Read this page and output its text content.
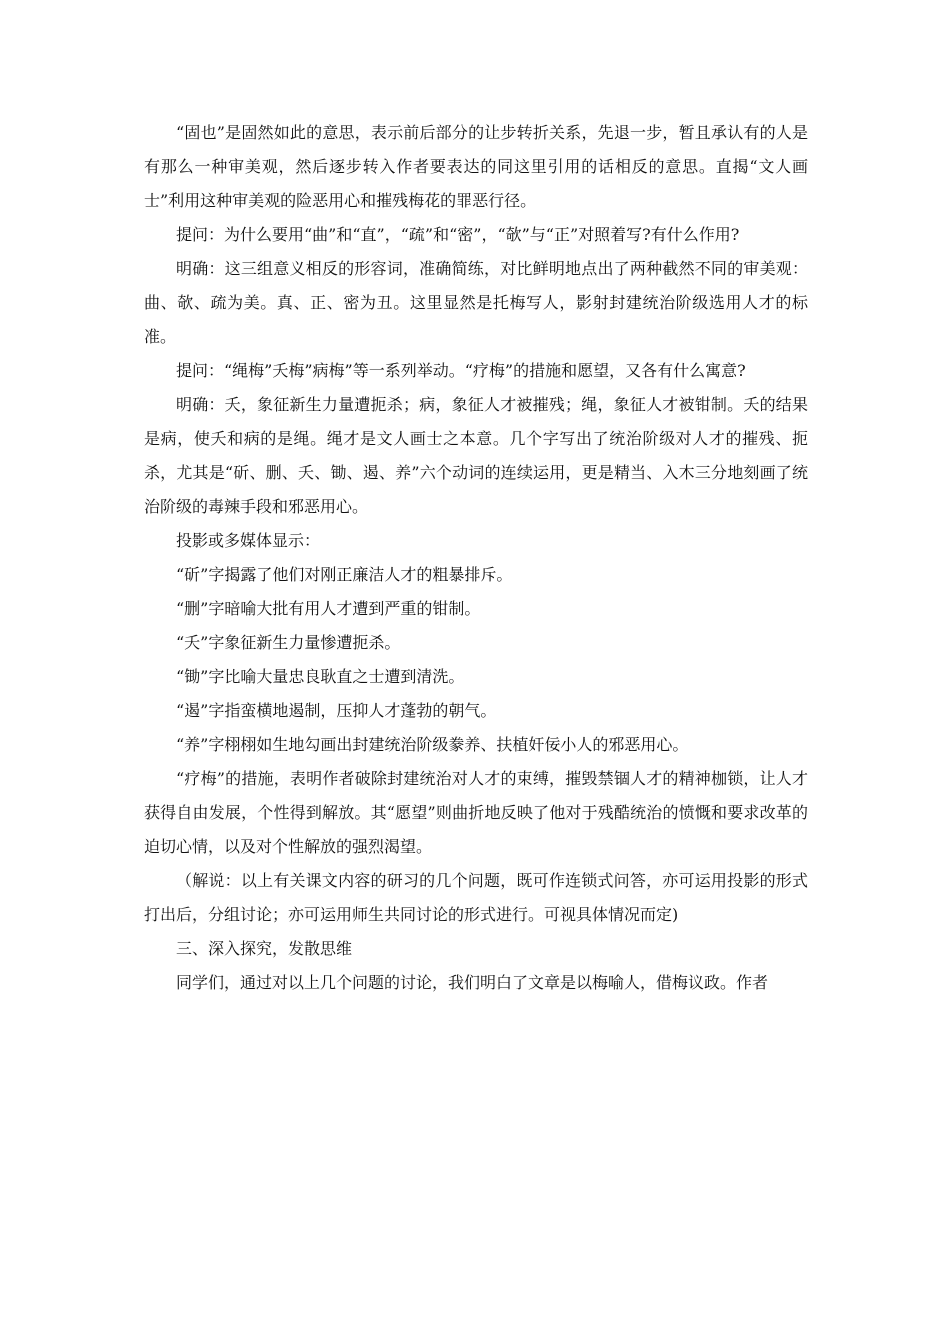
“固也”是固然如此的意思，表示前后部分的让步转折关系，先退一步，暂且承认有的人是有那么一种审美观，然后逐步转入作者要表达的同这里引用的话相反的意思。直揭“文人画士”利用这种审美观的险恶用心和摧残梅花的罪恶行径。

提问：为什么要用“曲”和“直”，“疏”和“密”，“欹”与“正”对照着写?有什么作用?

明确：这三组意义相反的形容词，准确简练，对比鲜明地点出了两种截然不同的审美观：曲、欹、疏为美。真、正、密为丑。这里显然是托梅写人，影射封建统治阶级选用人才的标准。

提问：“绳梅”夭梅”病梅”等一系列举动。“疗梅”的措施和愿望，又各有什么寓意?

明确：夭，象征新生力量遭扼杀；病，象征人才被摧残；绳，象征人才被钳制。夭的结果是病，使夭和病的是绳。绳才是文人画士之本意。几个字写出了统治阶级对人才的摧残、扼杀，尤其是“斫、删、夭、锄、遏、养”六个动词的连续运用，更是精当、入木三分地刻画了统治阶级的毒辣手段和邪恶用心。

投影或多媒体显示：

“斫”字揭露了他们对刚正廉洁人才的粗暴排斥。

“删”字暗喻大批有用人才遭到严重的钳制。

“夭”字象征新生力量惨遭扼杀。

“锄”字比喻大量忠良耿直之士遭到清洗。

“遏”字指蛮横地遏制，压抑人才蓬勃的朝气。

“养”字栩栩如生地勾画出封建统治阶级豢养、扶植奸佞小人的邪恶用心。

“疗梅”的措施，表明作者破除封建统治对人才的束缚，摧毁禁锢人才的精神枷锁，让人才获得自由发展，个性得到解放。其“愿望”则曲折地反映了他对于残酷统治的愤慨和要求改革的迫切心情，以及对个性解放的强烈渴望。

（解说：以上有关课文内容的研习的几个问题，既可作连锁式问答，亦可运用投影的形式打出后，分组讨论；亦可运用师生共同讨论的形式进行。可视具体情况而定)

三、深入探究，发散思维

同学们，通过对以上几个问题的讨论，我们明白了文章是以梅喻人，借梅议政。作者
